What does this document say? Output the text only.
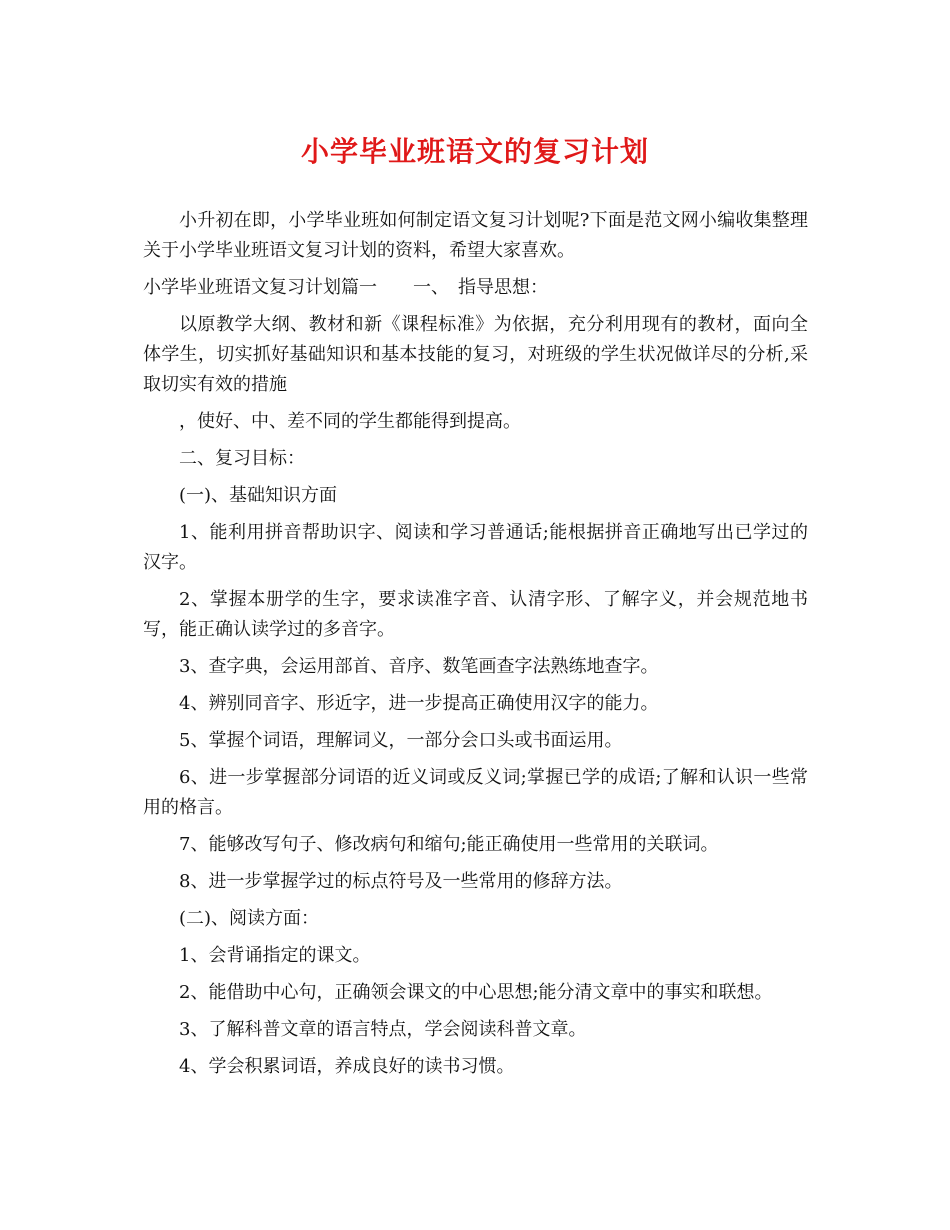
小学毕业班语文的复习计划

小升初在即，小学毕业班如何制定语文复习计划呢?下面是范文网小编收集整理关于小学毕业班语文复习计划的资料，希望大家喜欢。

小学毕业班语文复习计划篇一　　一、　指导思想：

以原教学大纲、教材和新《课程标准》为依据，充分利用现有的教材，面向全体学生，切实抓好基础知识和基本技能的复习，对班级的学生状况做详尽的分析,采取切实有效的措施

，使好、中、差不同的学生都能得到提高。

二、复习目标：

(一)、基础知识方面

1、能利用拼音帮助识字、阅读和学习普通话;能根据拼音正确地写出已学过的汉字。

2、掌握本册学的生字，要求读准字音、认清字形、了解字义，并会规范地书写，能正确认读学过的多音字。

3、查字典，会运用部首、音序、数笔画查字法熟练地查字。

4、辨别同音字、形近字，进一步提高正确使用汉字的能力。

5、掌握个词语，理解词义，一部分会口头或书面运用。

6、进一步掌握部分词语的近义词或反义词;掌握已学的成语;了解和认识一些常用的格言。

7、能够改写句子、修改病句和缩句;能正确使用一些常用的关联词。

8、进一步掌握学过的标点符号及一些常用的修辞方法。

(二)、阅读方面：

1、会背诵指定的课文。

2、能借助中心句，正确领会课文的中心思想;能分清文章中的事实和联想。

3、了解科普文章的语言特点，学会阅读科普文章。

4、学会积累词语，养成良好的读书习惯。
